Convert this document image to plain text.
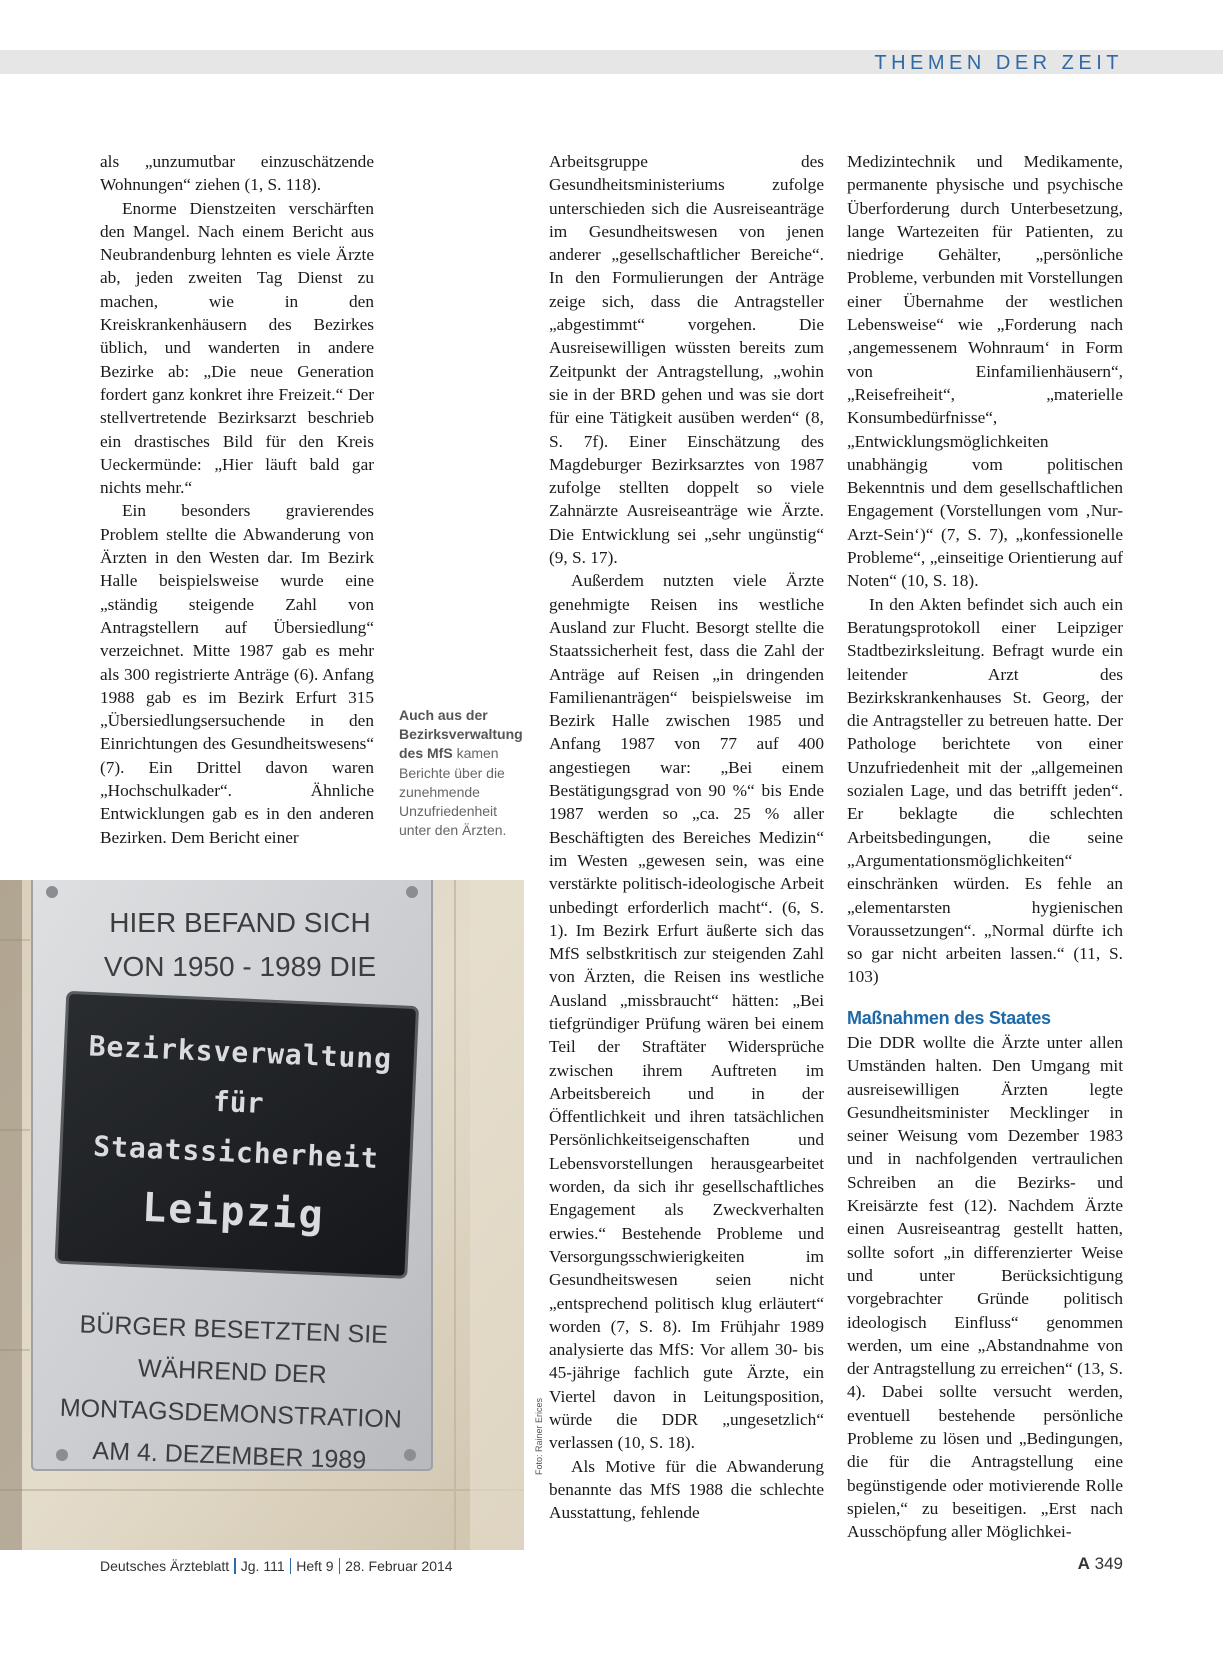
THEMEN DER ZEIT

als „unzumutbar einzuschätzende Wohnungen“ ziehen (1, S. 118).

Enorme Dienstzeiten verschärften den Mangel. Nach einem Bericht aus Neubrandenburg lehnten es viele Ärzte ab, jeden zweiten Tag Dienst zu machen, wie in den Kreiskrankenhäusern des Bezirkes üblich, und wanderten in andere Bezirke ab: „Die neue Generation fordert ganz konkret ihre Freizeit.“ Der stellvertretende Bezirksarzt beschrieb ein drastisches Bild für den Kreis Ueckermünde: „Hier läuft bald gar nichts mehr.“

Ein besonders gravierendes Problem stellte die Abwanderung von Ärzten in den Westen dar. Im Bezirk Halle beispielsweise wurde eine „ständig steigende Zahl von Antragstellern auf Übersiedlung“ verzeichnet. Mitte 1987 gab es mehr als 300 registrierte Anträge (6). Anfang 1988 gab es im Bezirk Erfurt 315 „Übersiedlungsersuchende in den Einrichtungen des Gesundheitswesens“ (7). Ein Drittel davon waren „Hochschulkader“. Ähnliche Entwicklungen gab es in den anderen Bezirken. Dem Bericht einer

Auch aus der Bezirksverwaltung des MfS kamen Berichte über die zunehmende Unzufriedenheit unter den Ärzten.

Arbeitsgruppe des Gesundheitsministeriums zufolge unterschieden sich die Ausreiseanträge im Gesundheitswesen von jenen anderer „gesellschaftlicher Bereiche“. In den Formulierungen der Anträge zeige sich, dass die Antragsteller „abgestimmt“ vorgehen. Die Ausreisewilligen wüssten bereits zum Zeitpunkt der Antragstellung, „wohin sie in der BRD gehen und was sie dort für eine Tätigkeit ausüben werden“ (8, S. 7f). Einer Einschätzung des Magdeburger Bezirksarztes von 1987 zufolge stellten doppelt so viele Zahnärzte Ausreiseanträge wie Ärzte. Die Entwicklung sei „sehr ungünstig“ (9, S. 17).

Außerdem nutzten viele Ärzte genehmigte Reisen ins westliche Ausland zur Flucht. Besorgt stellte die Staatssicherheit fest, dass die Zahl der Anträge auf Reisen „in dringenden Familienanträgen“ beispielsweise im Bezirk Halle zwischen 1985 und Anfang 1987 von 77 auf 400 angestiegen war: „Bei einem Bestätigungsgrad von 90 %“ bis Ende 1987 werden so „ca. 25 % aller Beschäftigten des Bereiches Medizin“ im Westen „gewesen sein, was eine verstärkte politisch-ideologische Arbeit unbedingt erforderlich macht“. (6, S. 1). Im Bezirk Erfurt äußerte sich das MfS selbstkritisch zur steigenden Zahl von Ärzten, die Reisen ins westliche Ausland „missbraucht“ hätten: „Bei tiefgründiger Prüfung wären bei einem Teil der Straftäter Widersprüche zwischen ihrem Auftreten im Arbeitsbereich und in der Öffentlichkeit und ihren tatsächlichen Persönlichkeitseigenschaften und Lebensvorstellungen herausgearbeitet worden, da sich ihr gesellschaftliches Engagement als Zweckverhalten erwies.“ Bestehende Probleme und Versorgungsschwierigkeiten im Gesundheitswesen seien nicht „entsprechend politisch klug erläutert“ worden (7, S. 8). Im Frühjahr 1989 analysierte das MfS: Vor allem 30- bis 45-jährige fachlich gute Ärzte, ein Viertel davon in Leitungsposition, würde die DDR „ungesetzlich“ verlassen (10, S. 18).

Als Motive für die Abwanderung benannte das MfS 1988 die schlechte Ausstattung, fehlende

Medizintechnik und Medikamente, permanente physische und psychische Überforderung durch Unterbesetzung, lange Wartezeiten für Patienten, zu niedrige Gehälter, „persönliche Probleme, verbunden mit Vorstellungen einer Übernahme der westlichen Lebensweise“ wie „Forderung nach ‚angemessenem Wohnraum‘ in Form von Einfamilienhäusern“, „Reisefreiheit“, „materielle Konsumbedürfnisse“, „Entwicklungsmöglichkeiten unabhängig vom politischen Bekenntnis und dem gesellschaftlichen Engagement (Vorstellungen vom ‚Nur-Arzt-Sein‘)“ (7, S. 7), „konfessionelle Probleme“, „einseitige Orientierung auf Noten“ (10, S. 18).

In den Akten befindet sich auch ein Beratungsprotokoll einer Leipziger Stadtbezirksleitung. Befragt wurde ein leitender Arzt des Bezirkskrankenhauses St. Georg, der die Antragsteller zu betreuen hatte. Der Pathologe berichtete von einer Unzufriedenheit mit der „allgemeinen sozialen Lage, und das betrifft jeden“. Er beklagte die schlechten Arbeitsbedingungen, die seine „Argumentationsmöglichkeiten“ einschränken würden. Es fehle an „elementarsten hygienischen Voraussetzungen“. „Normal dürfte ich so gar nicht arbeiten lassen.“ (11, S. 103)

Maßnahmen des Staates

Die DDR wollte die Ärzte unter allen Umständen halten. Den Umgang mit ausreisewilligen Ärzten legte Gesundheitsminister Mecklinger in seiner Weisung vom Dezember 1983 und in nachfolgenden vertraulichen Schreiben an die Bezirks- und Kreisärzte fest (12). Nachdem Ärzte einen Ausreiseantrag gestellt hatten, sollte sofort „in differenzierter Weise und unter Berücksichtigung vorgebrachter Gründe politisch ideologisch Einfluss“ genommen werden, um eine „Abstandnahme von der Antragstellung zu erreichen“ (13, S. 4). Dabei sollte versucht werden, eventuell bestehende persönliche Probleme zu lösen und „Bedingungen, die für die Antragstellung eine begünstigende oder motivierende Rolle spielen,“ zu beseitigen. „Erst nach Ausschöpfung aller Möglichkei-

HIER BEFAND SICH
VON 1950 - 1989 DIE
Bezirksverwaltung
für
Staatssicherheit
Leipzig
BÜRGER BESETZTEN SIE
WÄHREND DER
MONTAGSDEMONSTRATION
AM 4. DEZEMBER 1989	Foto: Rainer Erices
Deutsches Ärzteblatt Jg. 111 Heft 9 28. Februar 2014	A 349
